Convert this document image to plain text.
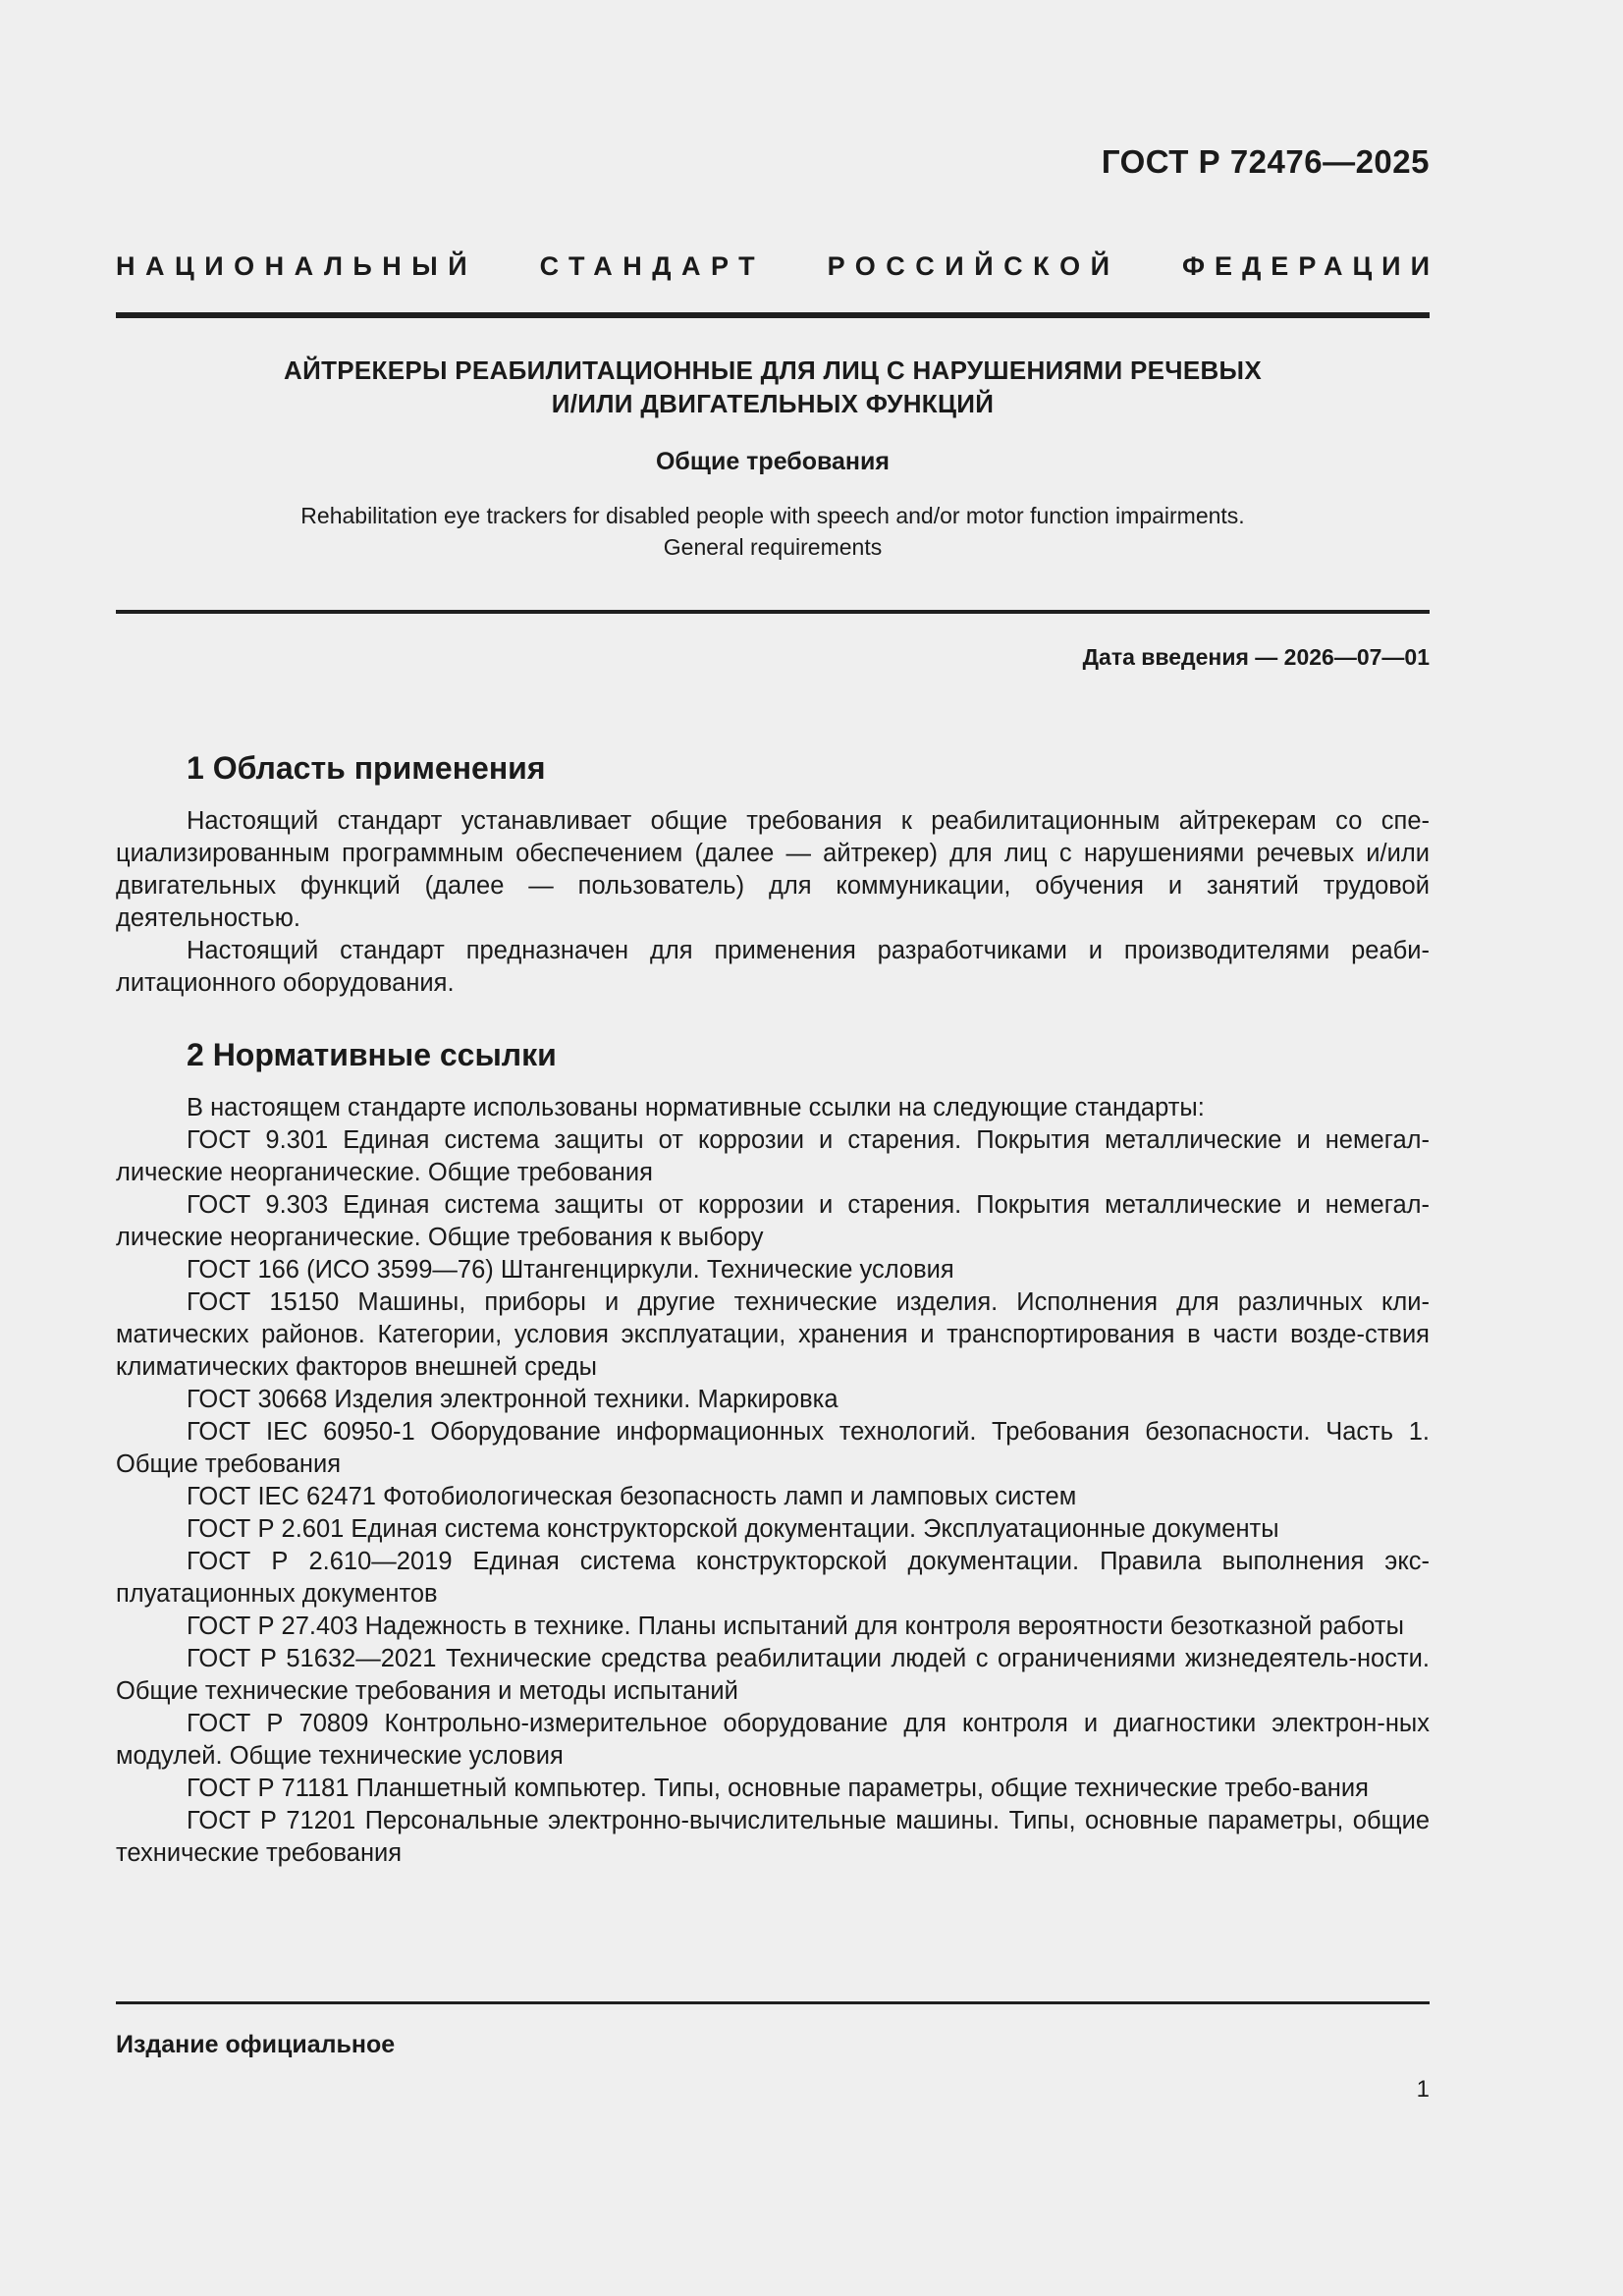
ГОСТ Р 72476—2025
НАЦИОНАЛЬНЫЙ СТАНДАРТ РОССИЙСКОЙ ФЕДЕРАЦИИ
АЙТРЕКЕРЫ РЕАБИЛИТАЦИОННЫЕ ДЛЯ ЛИЦ С НАРУШЕНИЯМИ РЕЧЕВЫХ
И/ИЛИ ДВИГАТЕЛЬНЫХ ФУНКЦИЙ
Общие требования
Rehabilitation eye trackers for disabled people with speech and/or motor function impairments.
General requirements
Дата введения — 2026—07—01
1 Область применения

Настоящий стандарт устанавливает общие требования к реабилитационным айтрекерам со спе-циализированным программным обеспечением (далее — айтрекер) для лиц с нарушениями речевых и/или двигательных функций (далее — пользователь) для коммуникации, обучения и занятий трудовой деятельностью.

Настоящий стандарт предназначен для применения разработчиками и производителями реаби-литационного оборудования.

2 Нормативные ссылки

В настоящем стандарте использованы нормативные ссылки на следующие стандарты:

ГОСТ 9.301 Единая система защиты от коррозии и старения. Покрытия металлические и немегал-лические неорганические. Общие требования

ГОСТ 9.303 Единая система защиты от коррозии и старения. Покрытия металлические и немегал-лические неорганические. Общие требования к выбору

ГОСТ 166 (ИСО 3599—76) Штангенциркули. Технические условия

ГОСТ 15150 Машины, приборы и другие технические изделия. Исполнения для различных кли-матических районов. Категории, условия эксплуатации, хранения и транспортирования в части возде-ствия климатических факторов внешней среды

ГОСТ 30668 Изделия электронной техники. Маркировка

ГОСТ IEC 60950-1 Оборудование информационных технологий. Требования безопасности. Часть 1. Общие требования

ГОСТ IEC 62471 Фотобиологическая безопасность ламп и ламповых систем

ГОСТ Р 2.601 Единая система конструкторской документации. Эксплуатационные документы

ГОСТ Р 2.610—2019 Единая система конструкторской документации. Правила выполнения экс-плуатационных документов

ГОСТ Р 27.403 Надежность в технике. Планы испытаний для контроля вероятности безотказной работы

ГОСТ Р 51632—2021 Технические средства реабилитации людей с ограничениями жизнедеятель-ности. Общие технические требования и методы испытаний

ГОСТ Р 70809 Контрольно-измерительное оборудование для контроля и диагностики электрон-ных модулей. Общие технические условия

ГОСТ Р 71181 Планшетный компьютер. Типы, основные параметры, общие технические требо-вания

ГОСТ Р 71201 Персональные электронно-вычислительные машины. Типы, основные параметры, общие технические требования

Издание официальное
1
